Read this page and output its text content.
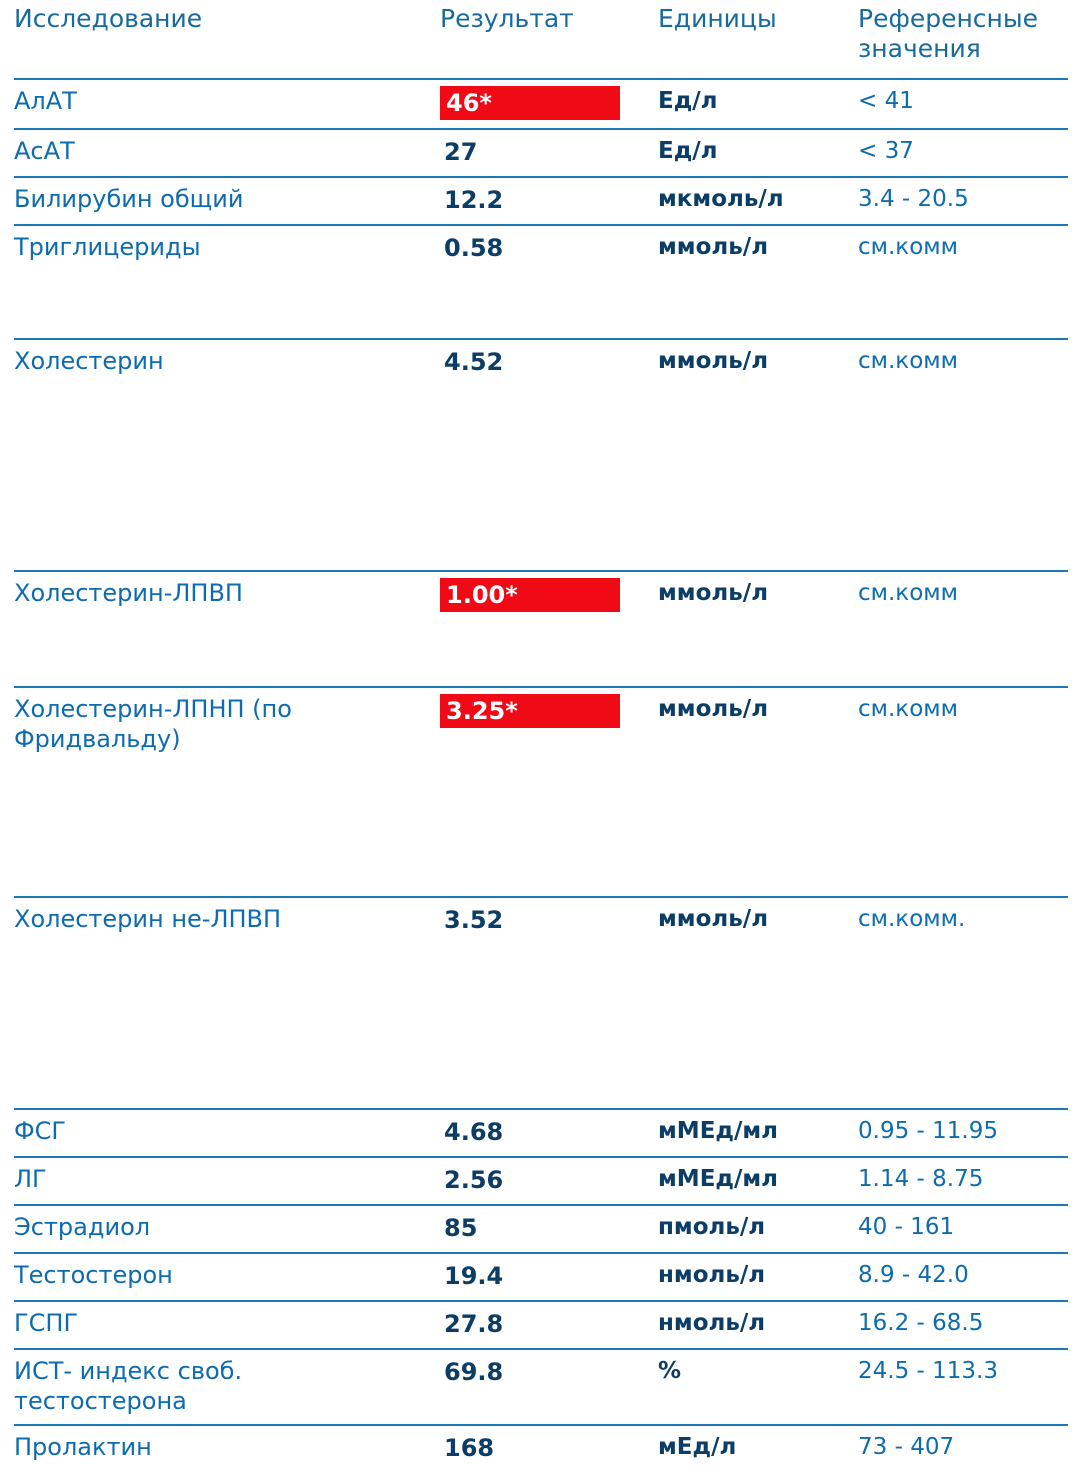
Исследование	Результат	Единицы	Референсные значения
АлАТ	46*	Ед/л	< 41
АсАТ	27	Ед/л	< 37
Билирубин общий	12.2	мкмоль/л	3.4 - 20.5
Триглицериды	0.58	ммоль/л	см.комм

Холестерин	4.52	ммоль/л	см.комм

Холестерин-ЛПВП	1.00*	ммоль/л	см.комм

Холестерин-ЛПНП (по Фридвальду)	3.25*	ммоль/л	см.комм

Холестерин не-ЛПВП	3.52	ммоль/л	см.комм.

ФСГ	4.68	мМЕд/мл	0.95 - 11.95
ЛГ	2.56	мМЕд/мл	1.14 - 8.75
Эстрадиол	85	пмоль/л	40 - 161
Тестостерон	19.4	нмоль/л	8.9 - 42.0
ГСПГ	27.8	нмоль/л	16.2 - 68.5
ИСТ- индекс своб. тестостерона	69.8	%	24.5 - 113.3
Пролактин	168	мЕд/л	73 - 407
